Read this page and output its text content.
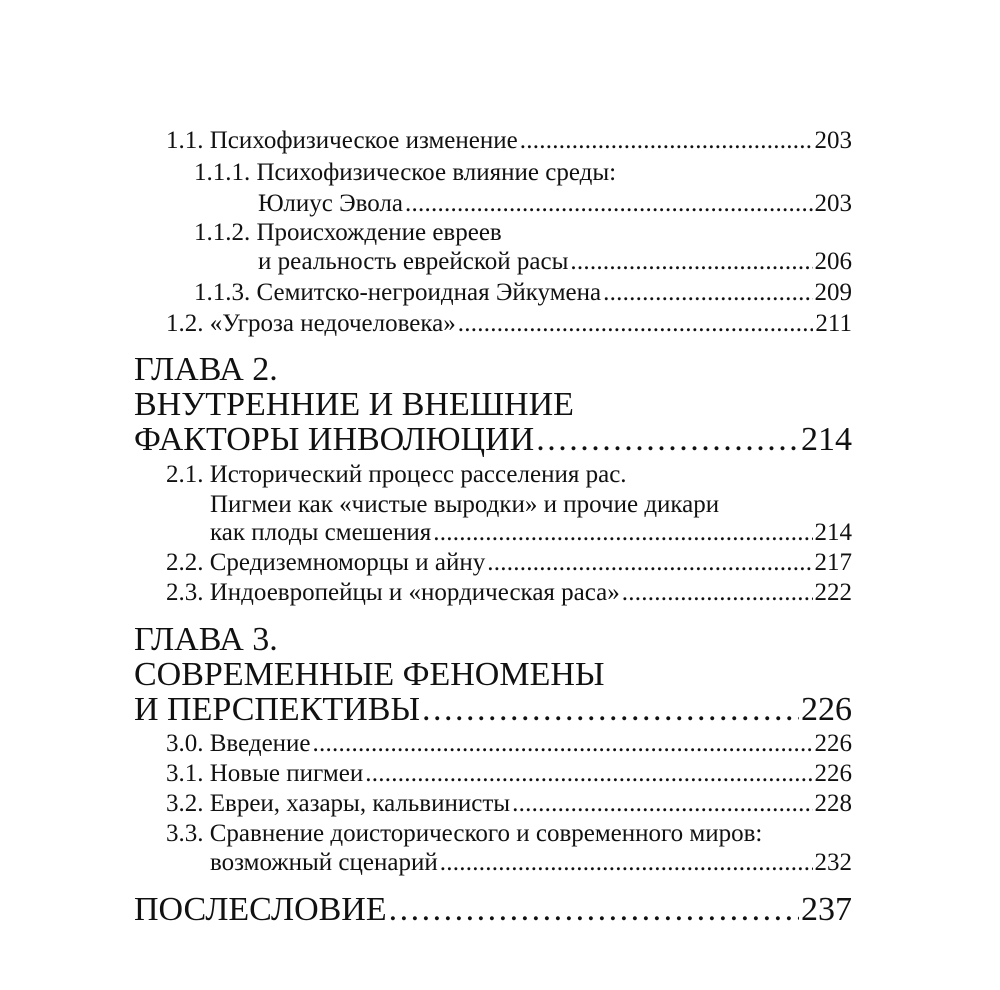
1.1. Психофизическое изменение . . .	203
1.1.1. Психофизическое влияние среды:
Юлиус Эвола . . .	203
1.1.2. Происхождение евреев
и реальность еврейской расы . . .	206
1.1.3. Семитско-негроидная Эйкумена . . .	209
1.2. «Угроза недочеловека» . . .	211
ГЛАВА 2.
ВНУТРЕННИЕ И ВНЕШНИЕ
ФАКТОРЫ ИНВОЛЮЦИИ . . .	214
2.1. Исторический процесс расселения рас.
Пигмеи как «чистые выродки» и прочие дикари
как плоды смешения . . .	214
2.2. Средиземноморцы и айну . . .	217
2.3. Индоевропейцы и «нордическая раса» . . .	222
ГЛАВА 3.
СОВРЕМЕННЫЕ ФЕНОМЕНЫ
И ПЕРСПЕКТИВЫ . . .	226
3.0. Введение . . .	226
3.1. Новые пигмеи . . .	226
3.2. Евреи, хазары, кальвинисты . . .	228
3.3. Сравнение доисторического и современного миров:
возможный сценарий . . .	232
ПОСЛЕСЛОВИЕ . . .	237
